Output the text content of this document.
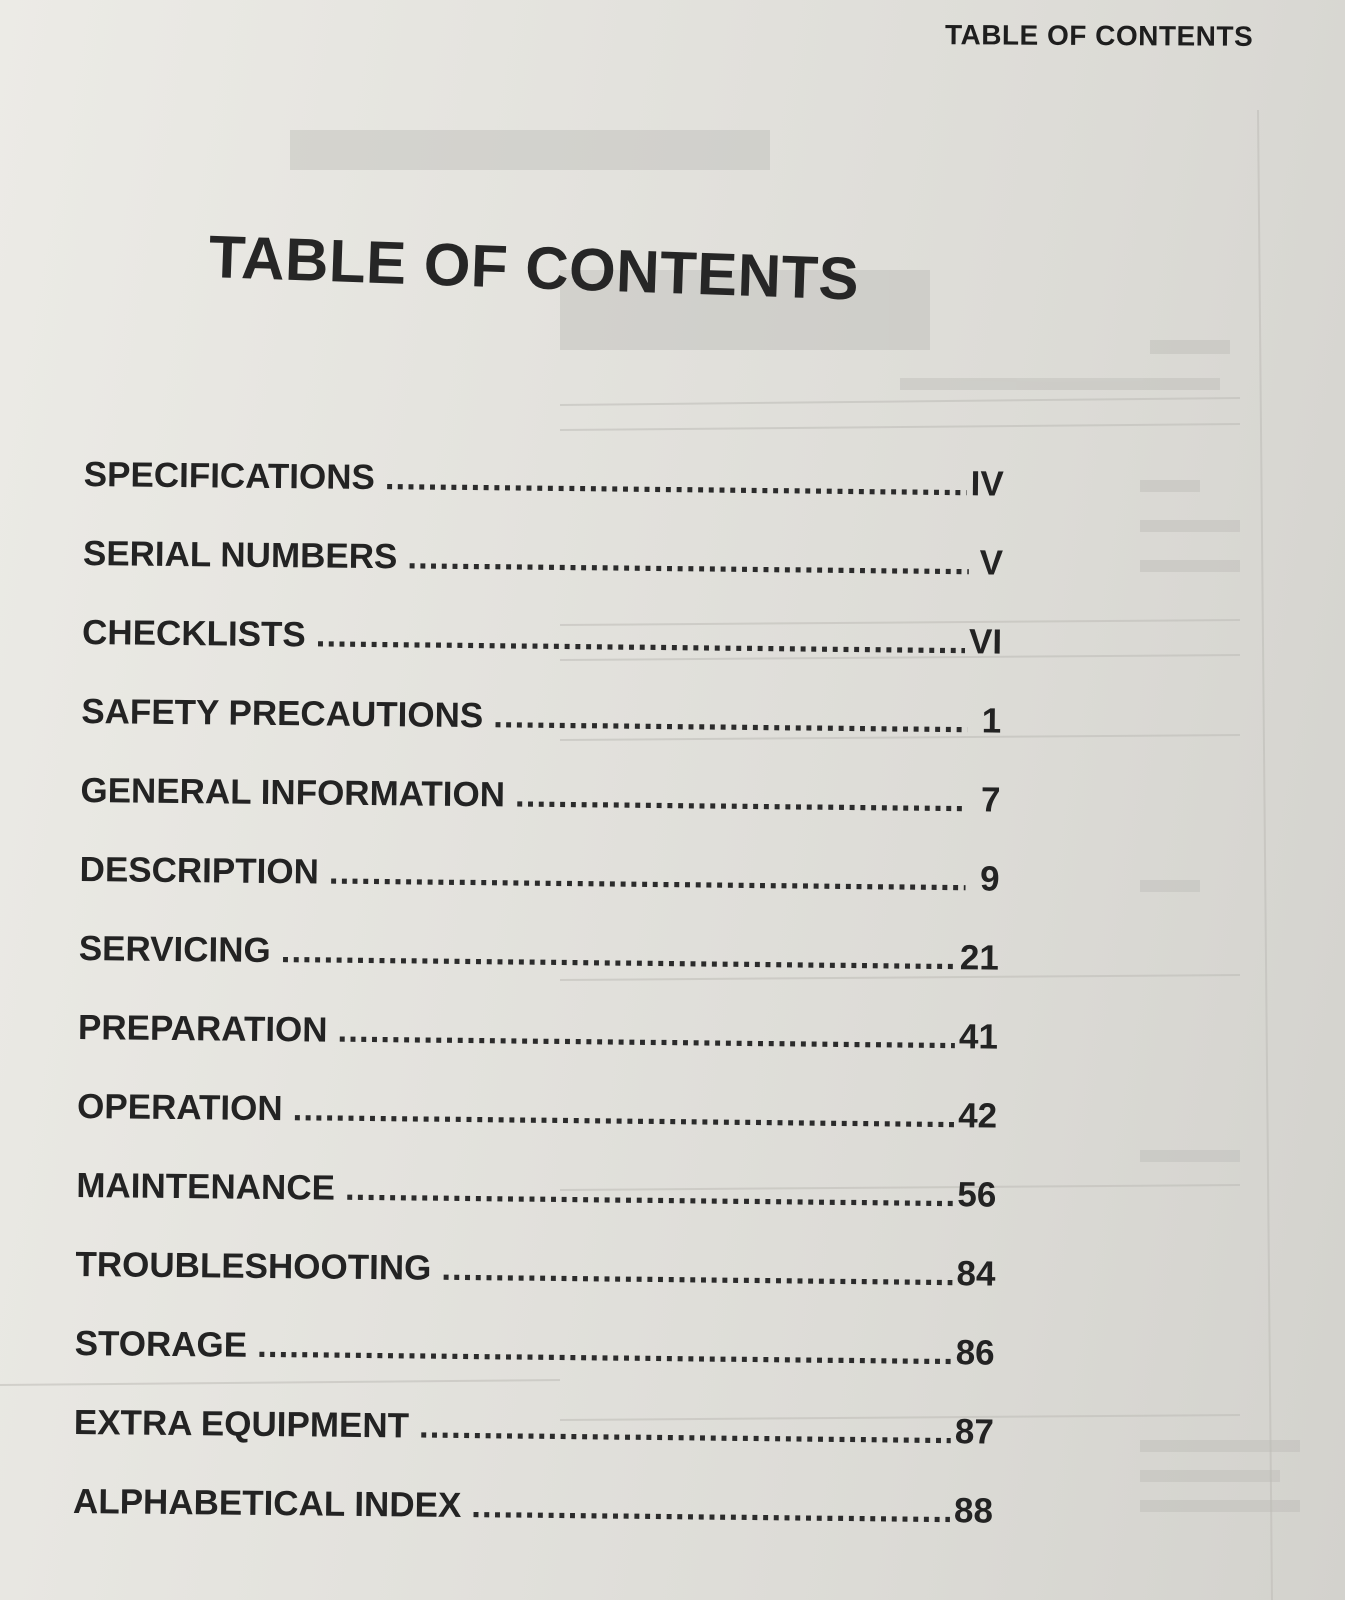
TABLE OF CONTENTS
TABLE OF CONTENTS
SPECIFICATIONS .....	IV
SERIAL NUMBERS .....	V
CHECKLISTS .....	VI
SAFETY PRECAUTIONS .....	1
GENERAL INFORMATION .....	7
DESCRIPTION .....	9
SERVICING .....	21
PREPARATION .....	41
OPERATION .....	42
MAINTENANCE .....	56
TROUBLESHOOTING .....	84
STORAGE .....	86
EXTRA EQUIPMENT .....	87
ALPHABETICAL INDEX .....	88
